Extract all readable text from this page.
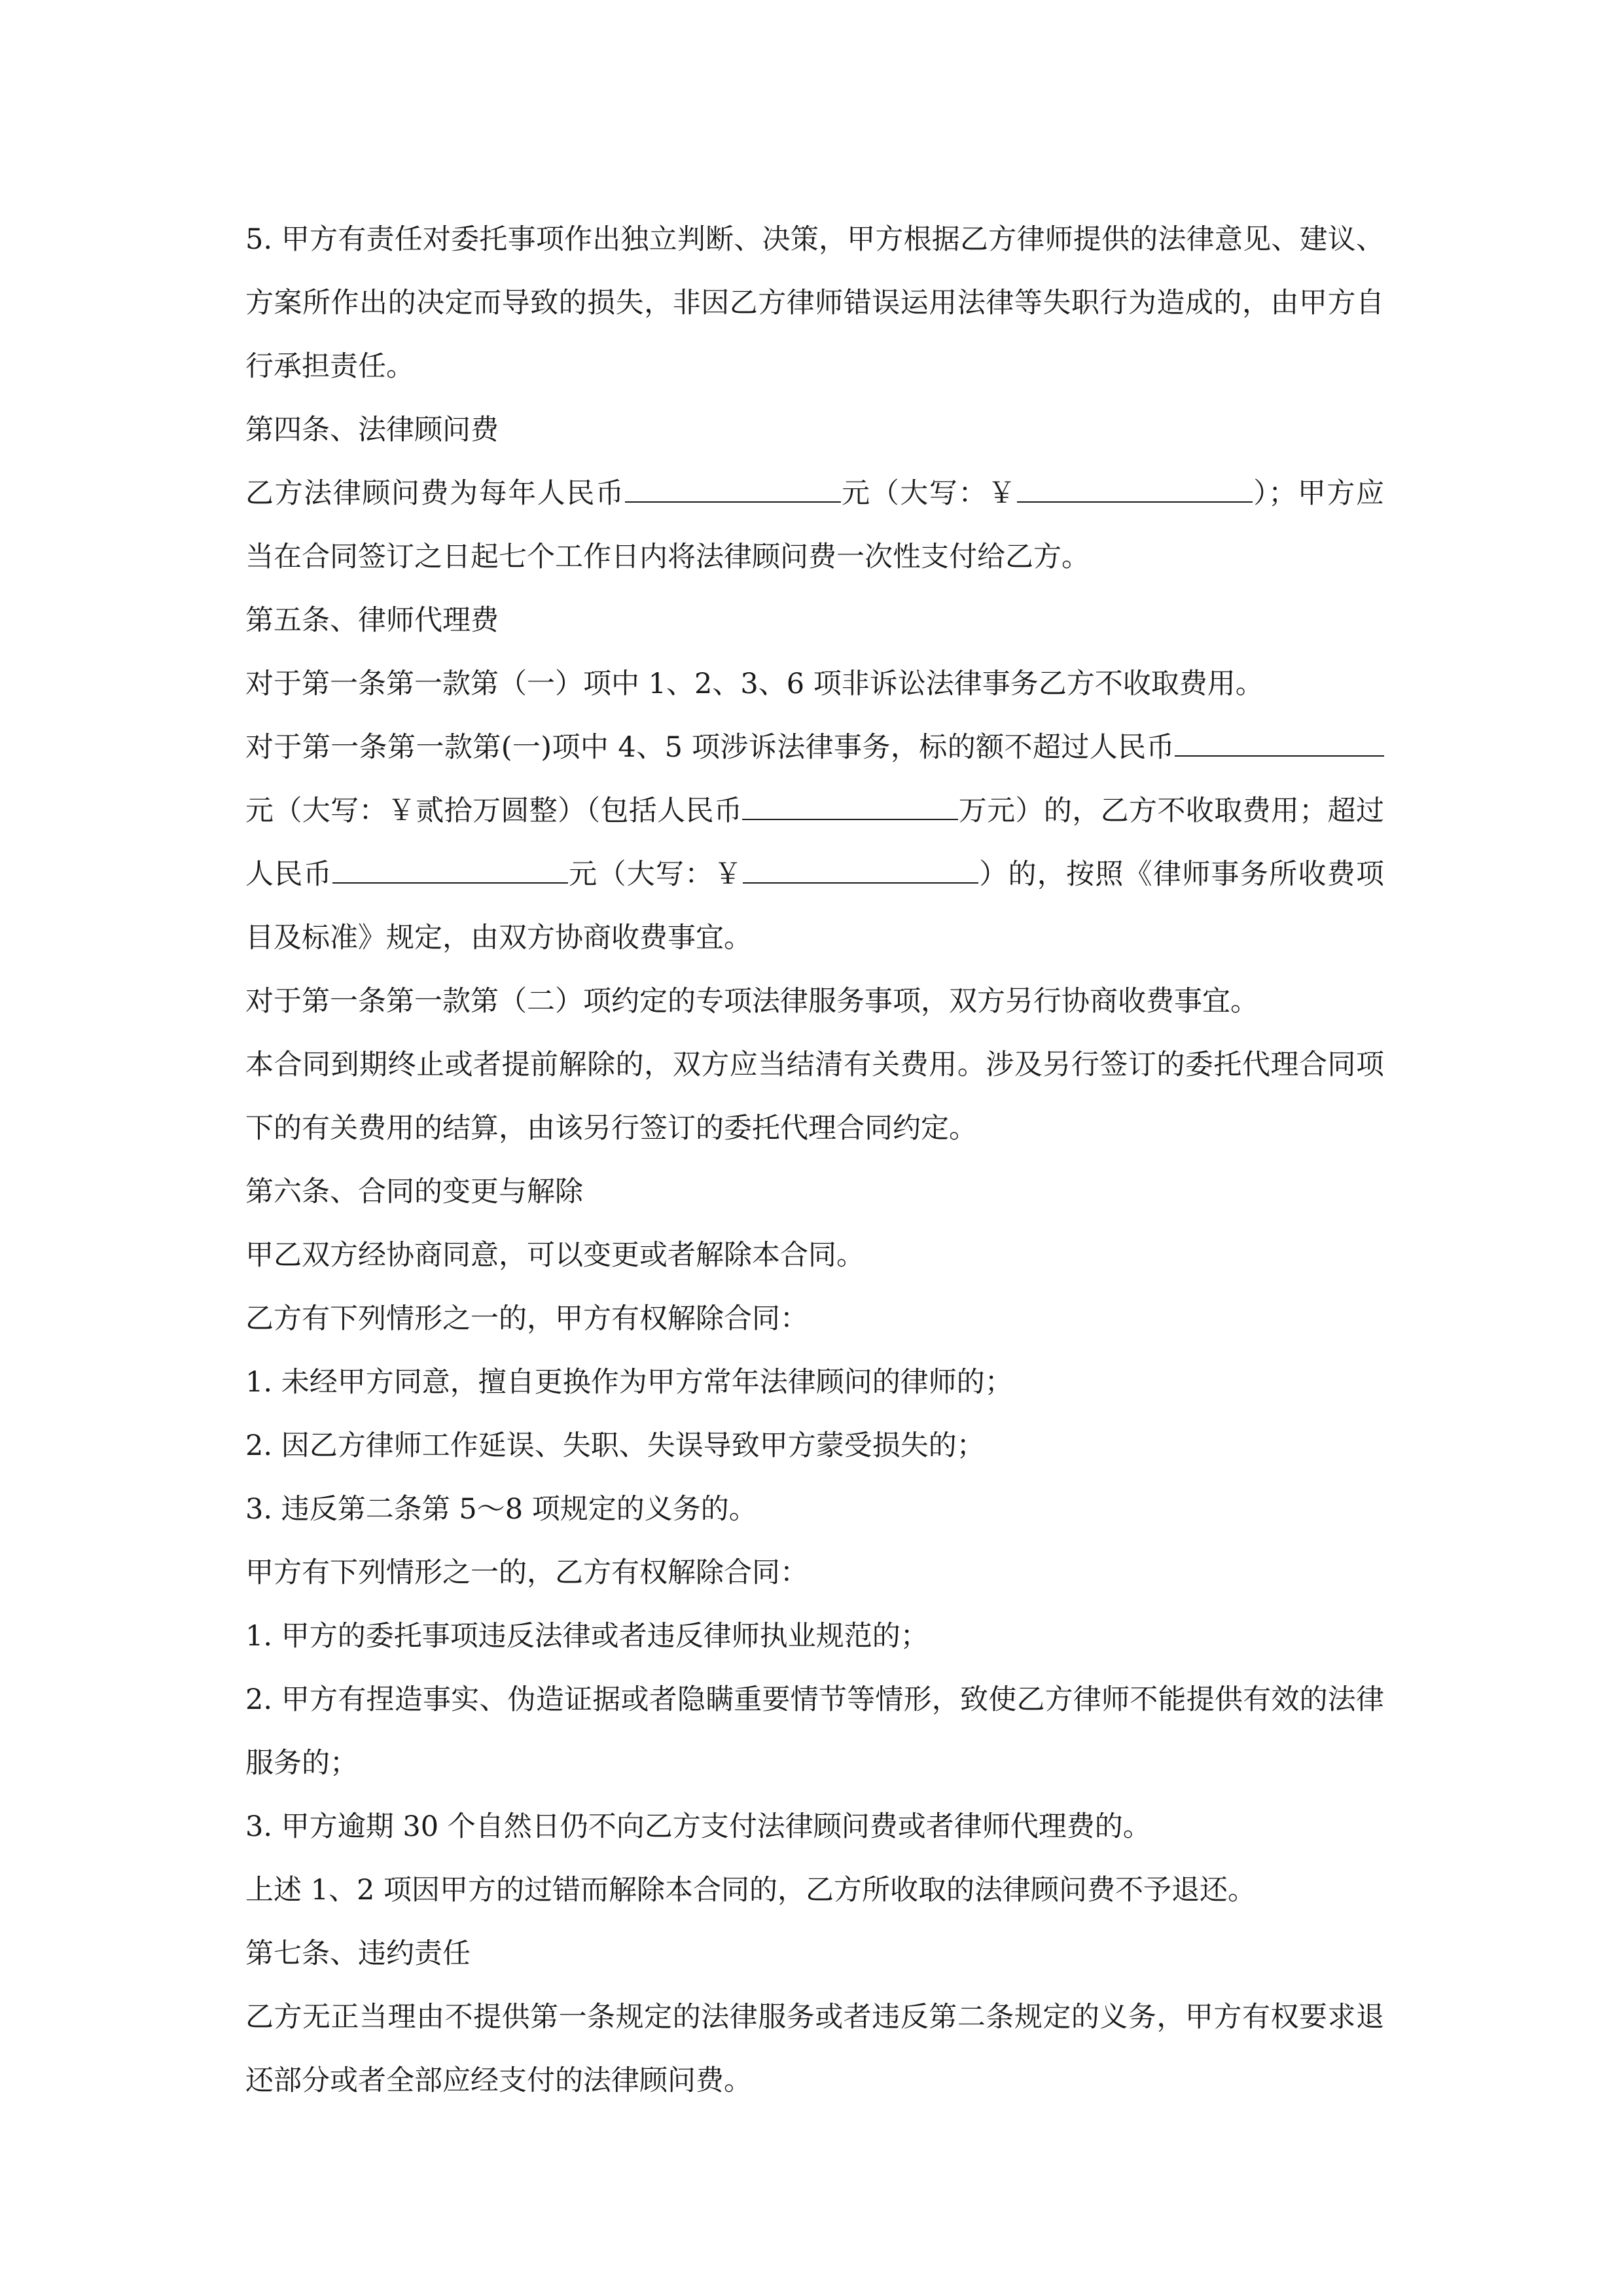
5. 甲方有责任对委托事项作出独立判断、决策，甲方根据乙方律师提供的法律意见、建议、方案所作出的决定而导致的损失，非因乙方律师错误运用法律等失职行为造成的，由甲方自行承担责任。

第四条、法律顾问费

乙方法律顾问费为每年人民币	元（大写：￥	）；甲方应当在合同签订之日起七个工作日内将法律顾问费一次性支付给乙方。

第五条、律师代理费

对于第一条第一款第（一）项中 1、2、3、6 项非诉讼法律事务乙方不收取费用。

对于第一条第一款第(一)项中 4、5 项涉诉法律事务，标的额不超过人民币元（大写：￥贰拾万圆整）（包括人民币	万元）的，乙方不收取费用；超过人民币	元（大写：￥	）的，按照《律师事务所收费项目及标准》规定，由双方协商收费事宜。

对于第一条第一款第（二）项约定的专项法律服务事项，双方另行协商收费事宜。

本合同到期终止或者提前解除的，双方应当结清有关费用。涉及另行签订的委托代理合同项下的有关费用的结算，由该另行签订的委托代理合同约定。

第六条、合同的变更与解除

甲乙双方经协商同意，可以变更或者解除本合同。

乙方有下列情形之一的，甲方有权解除合同：

1. 未经甲方同意，擅自更换作为甲方常年法律顾问的律师的；

2. 因乙方律师工作延误、失职、失误导致甲方蒙受损失的；

3. 违反第二条第 5～8 项规定的义务的。

甲方有下列情形之一的，乙方有权解除合同：

1. 甲方的委托事项违反法律或者违反律师执业规范的；

2. 甲方有捏造事实、伪造证据或者隐瞒重要情节等情形，致使乙方律师不能提供有效的法律服务的；

3. 甲方逾期 30 个自然日仍不向乙方支付法律顾问费或者律师代理费的。

上述 1、2 项因甲方的过错而解除本合同的，乙方所收取的法律顾问费不予退还。

第七条、违约责任

乙方无正当理由不提供第一条规定的法律服务或者违反第二条规定的义务，甲方有权要求退还部分或者全部应经支付的法律顾问费。
